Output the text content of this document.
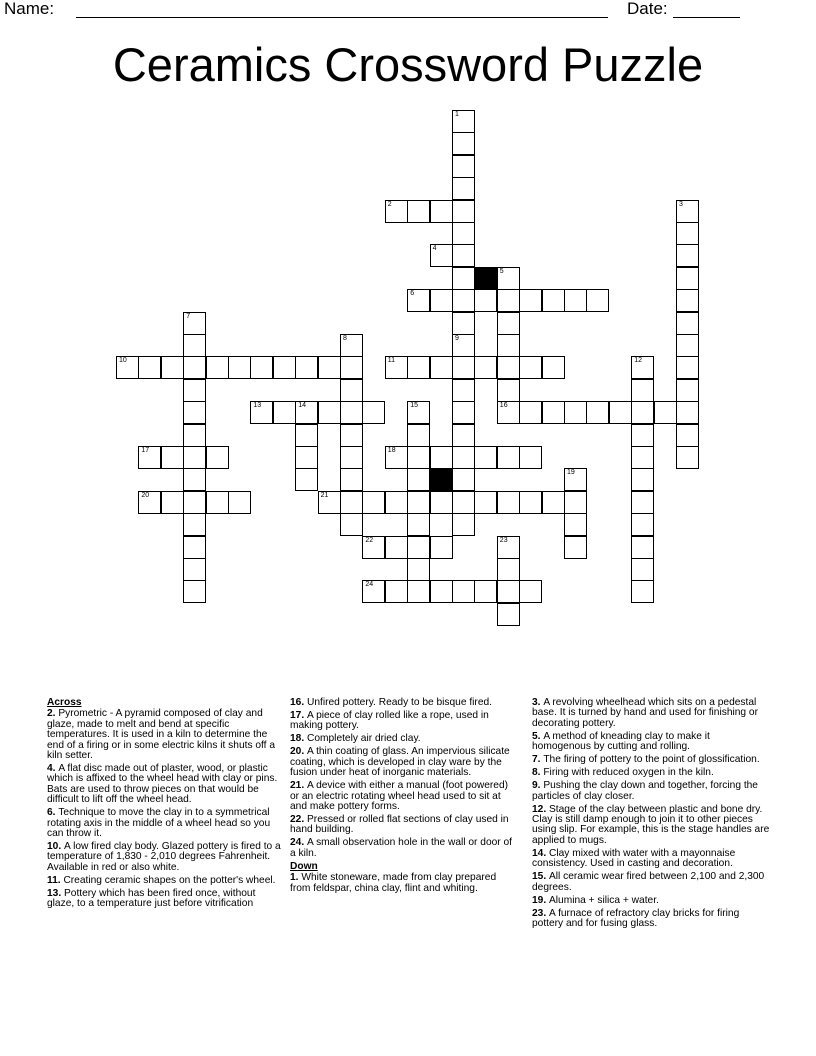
Name:	Date:
Ceramics Crossword Puzzle
1
9
2	3
4
5
16
6
7
8
10	11	12
13	14	15
17	18
19
20	21
22	23
24
Across
2. Pyrometric - A pyramid composed of clay and glaze, made to melt and bend at specific temperatures. It is used in a kiln to determine the end of a firing or in some electric kilns it shuts off a kiln setter.
4. A flat disc made out of plaster, wood, or plastic which is affixed to the wheel head with clay or pins. Bats are used to throw pieces on that would be difficult to lift off the wheel head.
6. Technique to move the clay in to a symmetrical rotating axis in the middle of a wheel head so you can throw it.
10. A low fired clay body. Glazed pottery is fired to a temperature of 1,830 - 2,010 degrees Fahrenheit. Available in red or also white.
11. Creating ceramic shapes on the potter's wheel.
13. Pottery which has been fired once, without glaze, to a temperature just before vitrification
16. Unfired pottery. Ready to be bisque fired.
17. A piece of clay rolled like a rope, used in making pottery.
18. Completely air dried clay.
20. A thin coating of glass. An impervious silicate coating, which is developed in clay ware by the fusion under heat of inorganic materials.
21. A device with either a manual (foot powered) or an electric rotating wheel head used to sit at and make pottery forms.
22. Pressed or rolled flat sections of clay used in hand building.
24. A small observation hole in the wall or door of a kiln.
Down
1. White stoneware, made from clay prepared from feldspar, china clay, flint and whiting.
3. A revolving wheelhead which sits on a pedestal base. It is turned by hand and used for finishing or decorating pottery.
5. A method of kneading clay to make it homogenous by cutting and rolling.
7. The firing of pottery to the point of glossification.
8. Firing with reduced oxygen in the kiln.
9. Pushing the clay down and together, forcing the particles of clay closer.
12. Stage of the clay between plastic and bone dry. Clay is still damp enough to join it to other pieces using slip. For example, this is the stage handles are applied to mugs.
14. Clay mixed with water with a mayonnaise consistency. Used in casting and decoration.
15. All ceramic wear fired between 2,100 and 2,300 degrees.
19. Alumina + silica + water.
23. A furnace of refractory clay bricks for firing pottery and for fusing glass.
